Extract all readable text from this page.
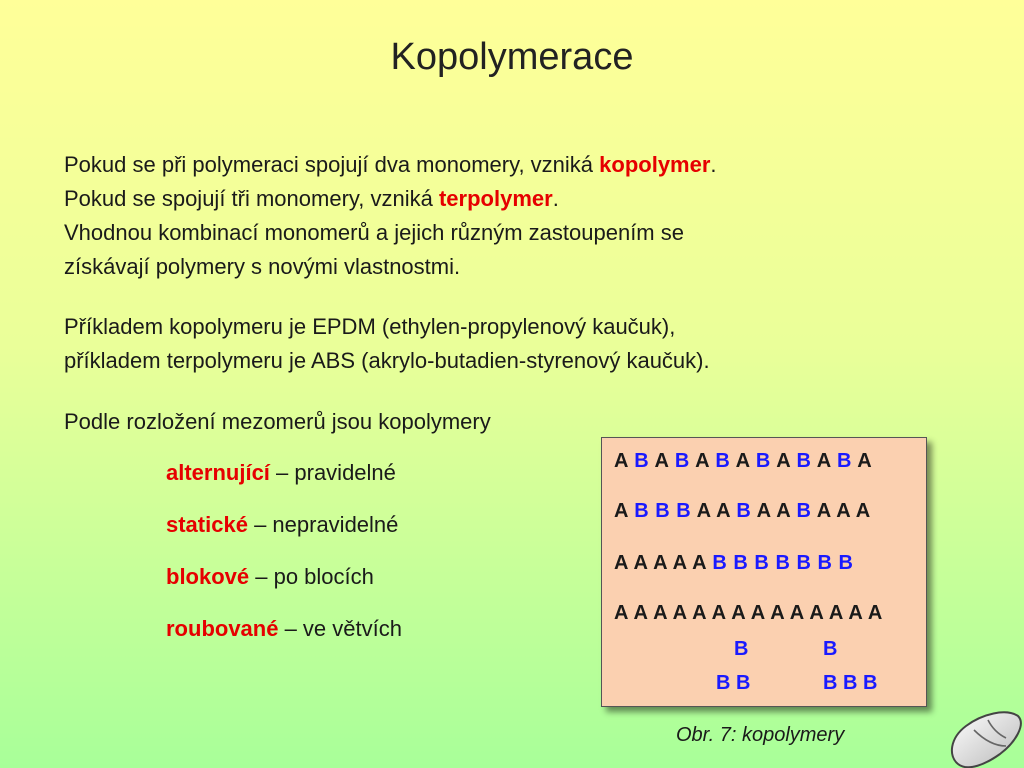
Kopolymerace
Pokud se při polymeraci spojují dva monomery, vzniká kopolymer.
Pokud se spojují tři monomery, vzniká terpolymer.
Vhodnou kombinací monomerů a jejich různým zastoupením se
získávají polymery s novými vlastnostmi.
Příkladem kopolymeru je EPDM (ethylen-propylenový kaučuk),
příkladem terpolymeru je ABS (akrylo-butadien-styrenový kaučuk).
Podle rozložení mezomerů jsou kopolymery
alternující – pravidelné
statické – nepravidelné
blokové – po blocích
roubované – ve větvích
A B A B A B A B A B A B A
A B B B A A B A A B A A A
A A A A A B B B B B B B
A A A A A A A A A A A A A A
B	B
B B	B B B
Obr. 7: kopolymery
